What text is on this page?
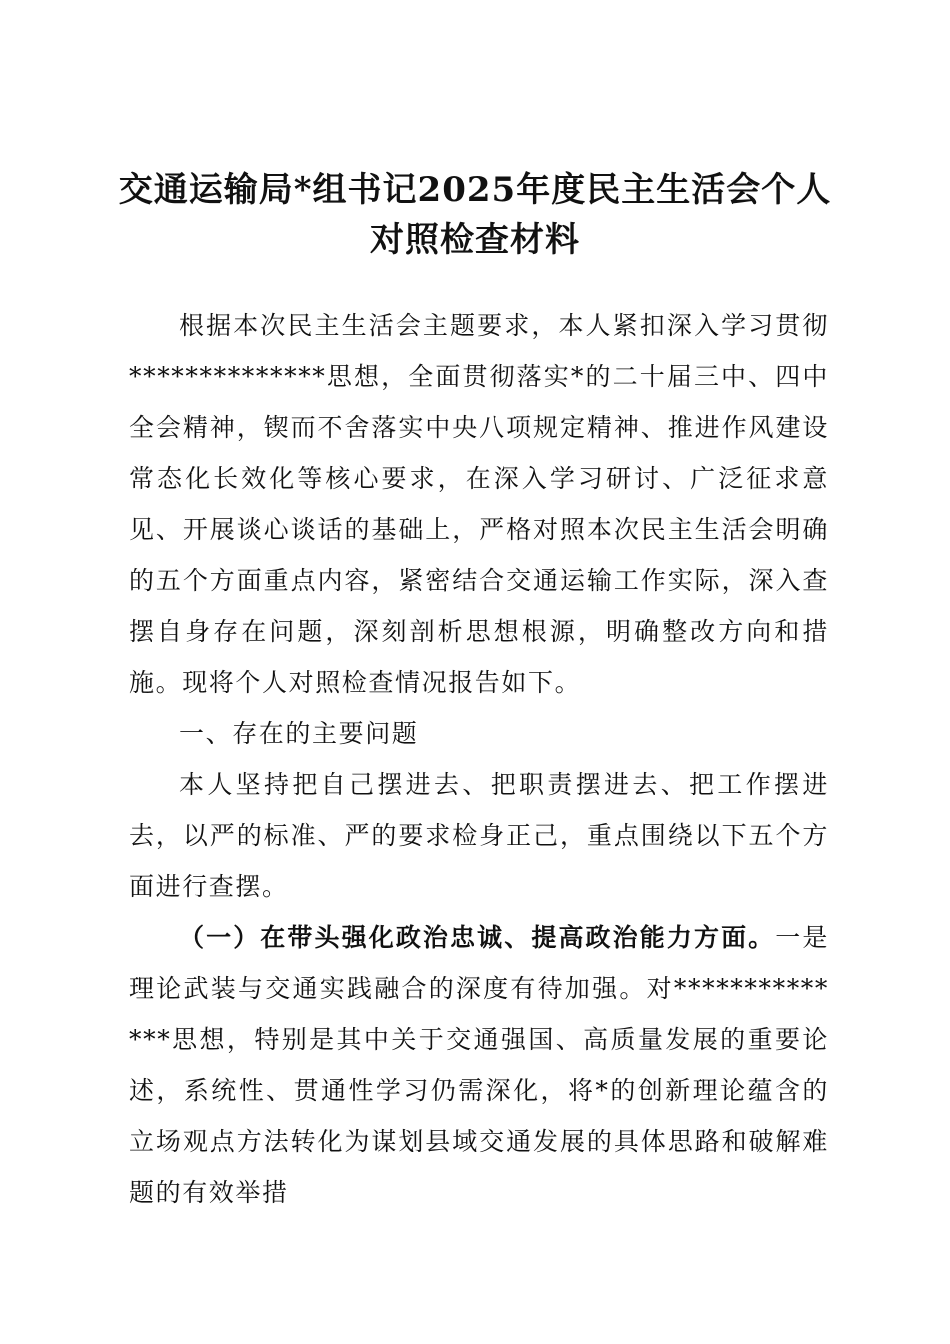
交通运输局*组书记2025年度民主生活会个人
对照检查材料

根据本次民主生活会主题要求，本人紧扣深入学习贯彻**************思想，全面贯彻落实*的二十届三中、四中全会精神，锲而不舍落实中央八项规定精神、推进作风建设常态化长效化等核心要求，在深入学习研讨、广泛征求意见、开展谈心谈话的基础上，严格对照本次民主生活会明确的五个方面重点内容，紧密结合交通运输工作实际，深入查摆自身存在问题，深刻剖析思想根源，明确整改方向和措施。现将个人对照检查情况报告如下。

一、存在的主要问题

本人坚持把自己摆进去、把职责摆进去、把工作摆进去，以严的标准、严的要求检身正己，重点围绕以下五个方面进行查摆。

（一）在带头强化政治忠诚、提高政治能力方面。一是理论武装与交通实践融合的深度有待加强。对**************思想，特别是其中关于交通强国、高质量发展的重要论述，系统性、贯通性学习仍需深化，将*的创新理论蕴含的立场观点方法转化为谋划县域交通发展的具体思路和破解难题的有效举措
